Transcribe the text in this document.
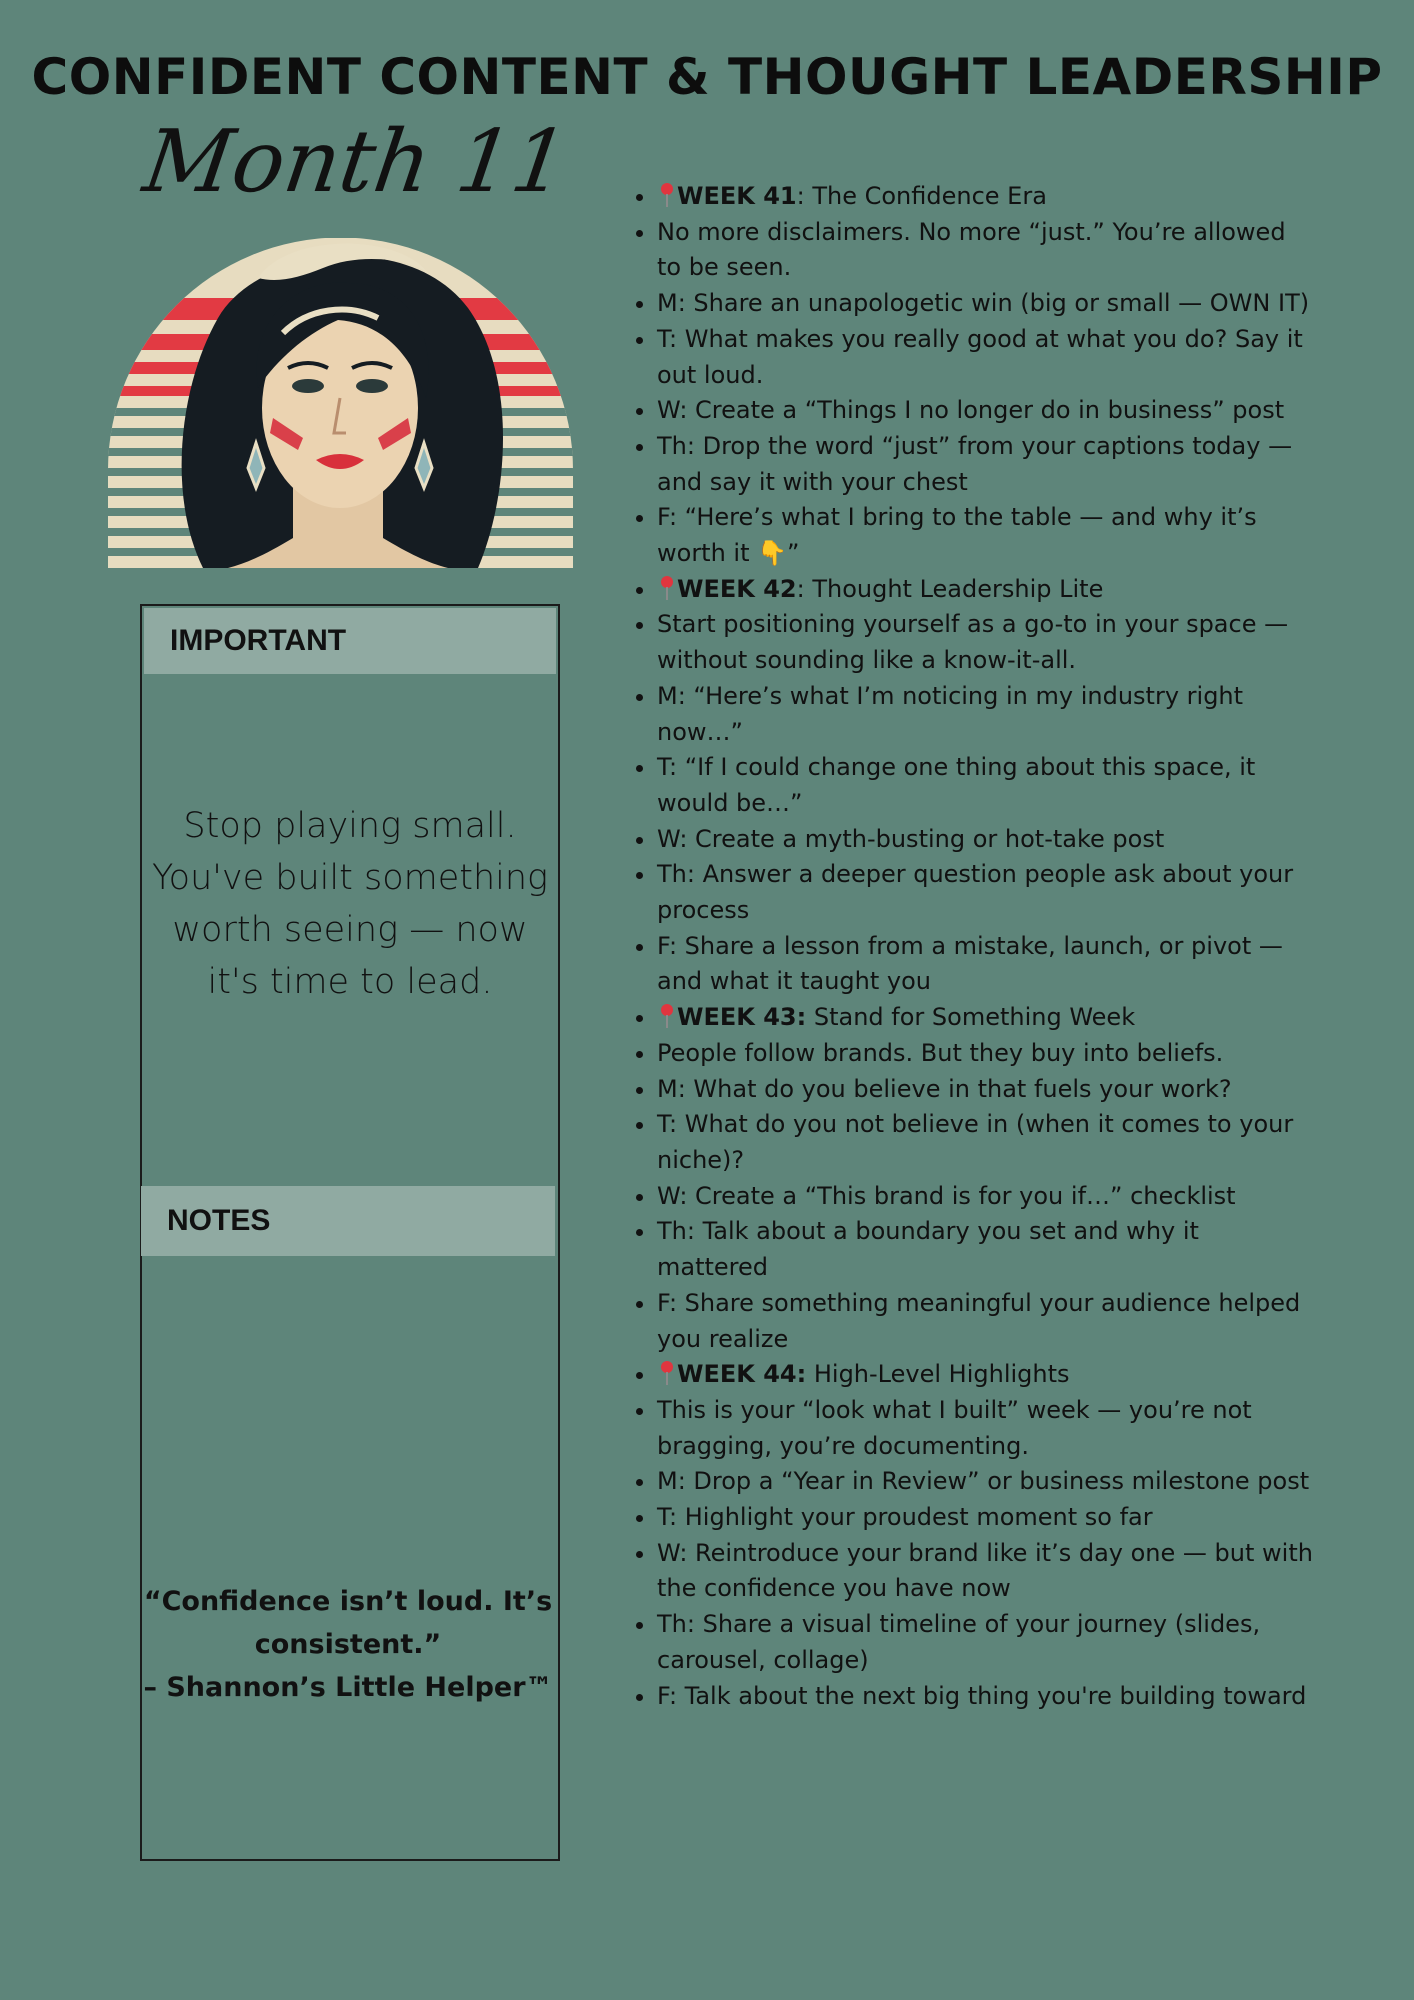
CONFIDENT CONTENT & THOUGHT LEADERSHIP
Month 11
IMPORTANT
Stop playing small. You've built something worth seeing — now it's time to lead.
NOTES
“Confidence isn’t loud. It’s consistent.”
– Shannon’s Little Helper™
• WEEK 41: The Confidence Era
• No more disclaimers. No more “just.” You’re allowed to be seen.
• M: Share an unapologetic win (big or small — OWN IT)
• T: What makes you really good at what you do? Say it out loud.
• W: Create a “Things I no longer do in business” post
• Th: Drop the word “just” from your captions today — and say it with your chest
• F: “Here’s what I bring to the table — and why it’s worth it 👇”
• WEEK 42: Thought Leadership Lite
• Start positioning yourself as a go-to in your space — without sounding like a know-it-all.
• M: “Here’s what I’m noticing in my industry right now…”
• T: “If I could change one thing about this space, it would be…”
• W: Create a myth-busting or hot-take post
• Th: Answer a deeper question people ask about your process
• F: Share a lesson from a mistake, launch, or pivot — and what it taught you
• WEEK 43: Stand for Something Week
• People follow brands. But they buy into beliefs.
• M: What do you believe in that fuels your work?
• T: What do you not believe in (when it comes to your niche)?
• W: Create a “This brand is for you if…” checklist
• Th: Talk about a boundary you set and why it mattered
• F: Share something meaningful your audience helped you realize
• WEEK 44: High-Level Highlights
• This is your “look what I built” week — you’re not bragging, you’re documenting.
• M: Drop a “Year in Review” or business milestone post
• T: Highlight your proudest moment so far
• W: Reintroduce your brand like it’s day one — but with the confidence you have now
• Th: Share a visual timeline of your journey (slides, carousel, collage)
• F: Talk about the next big thing you're building toward
